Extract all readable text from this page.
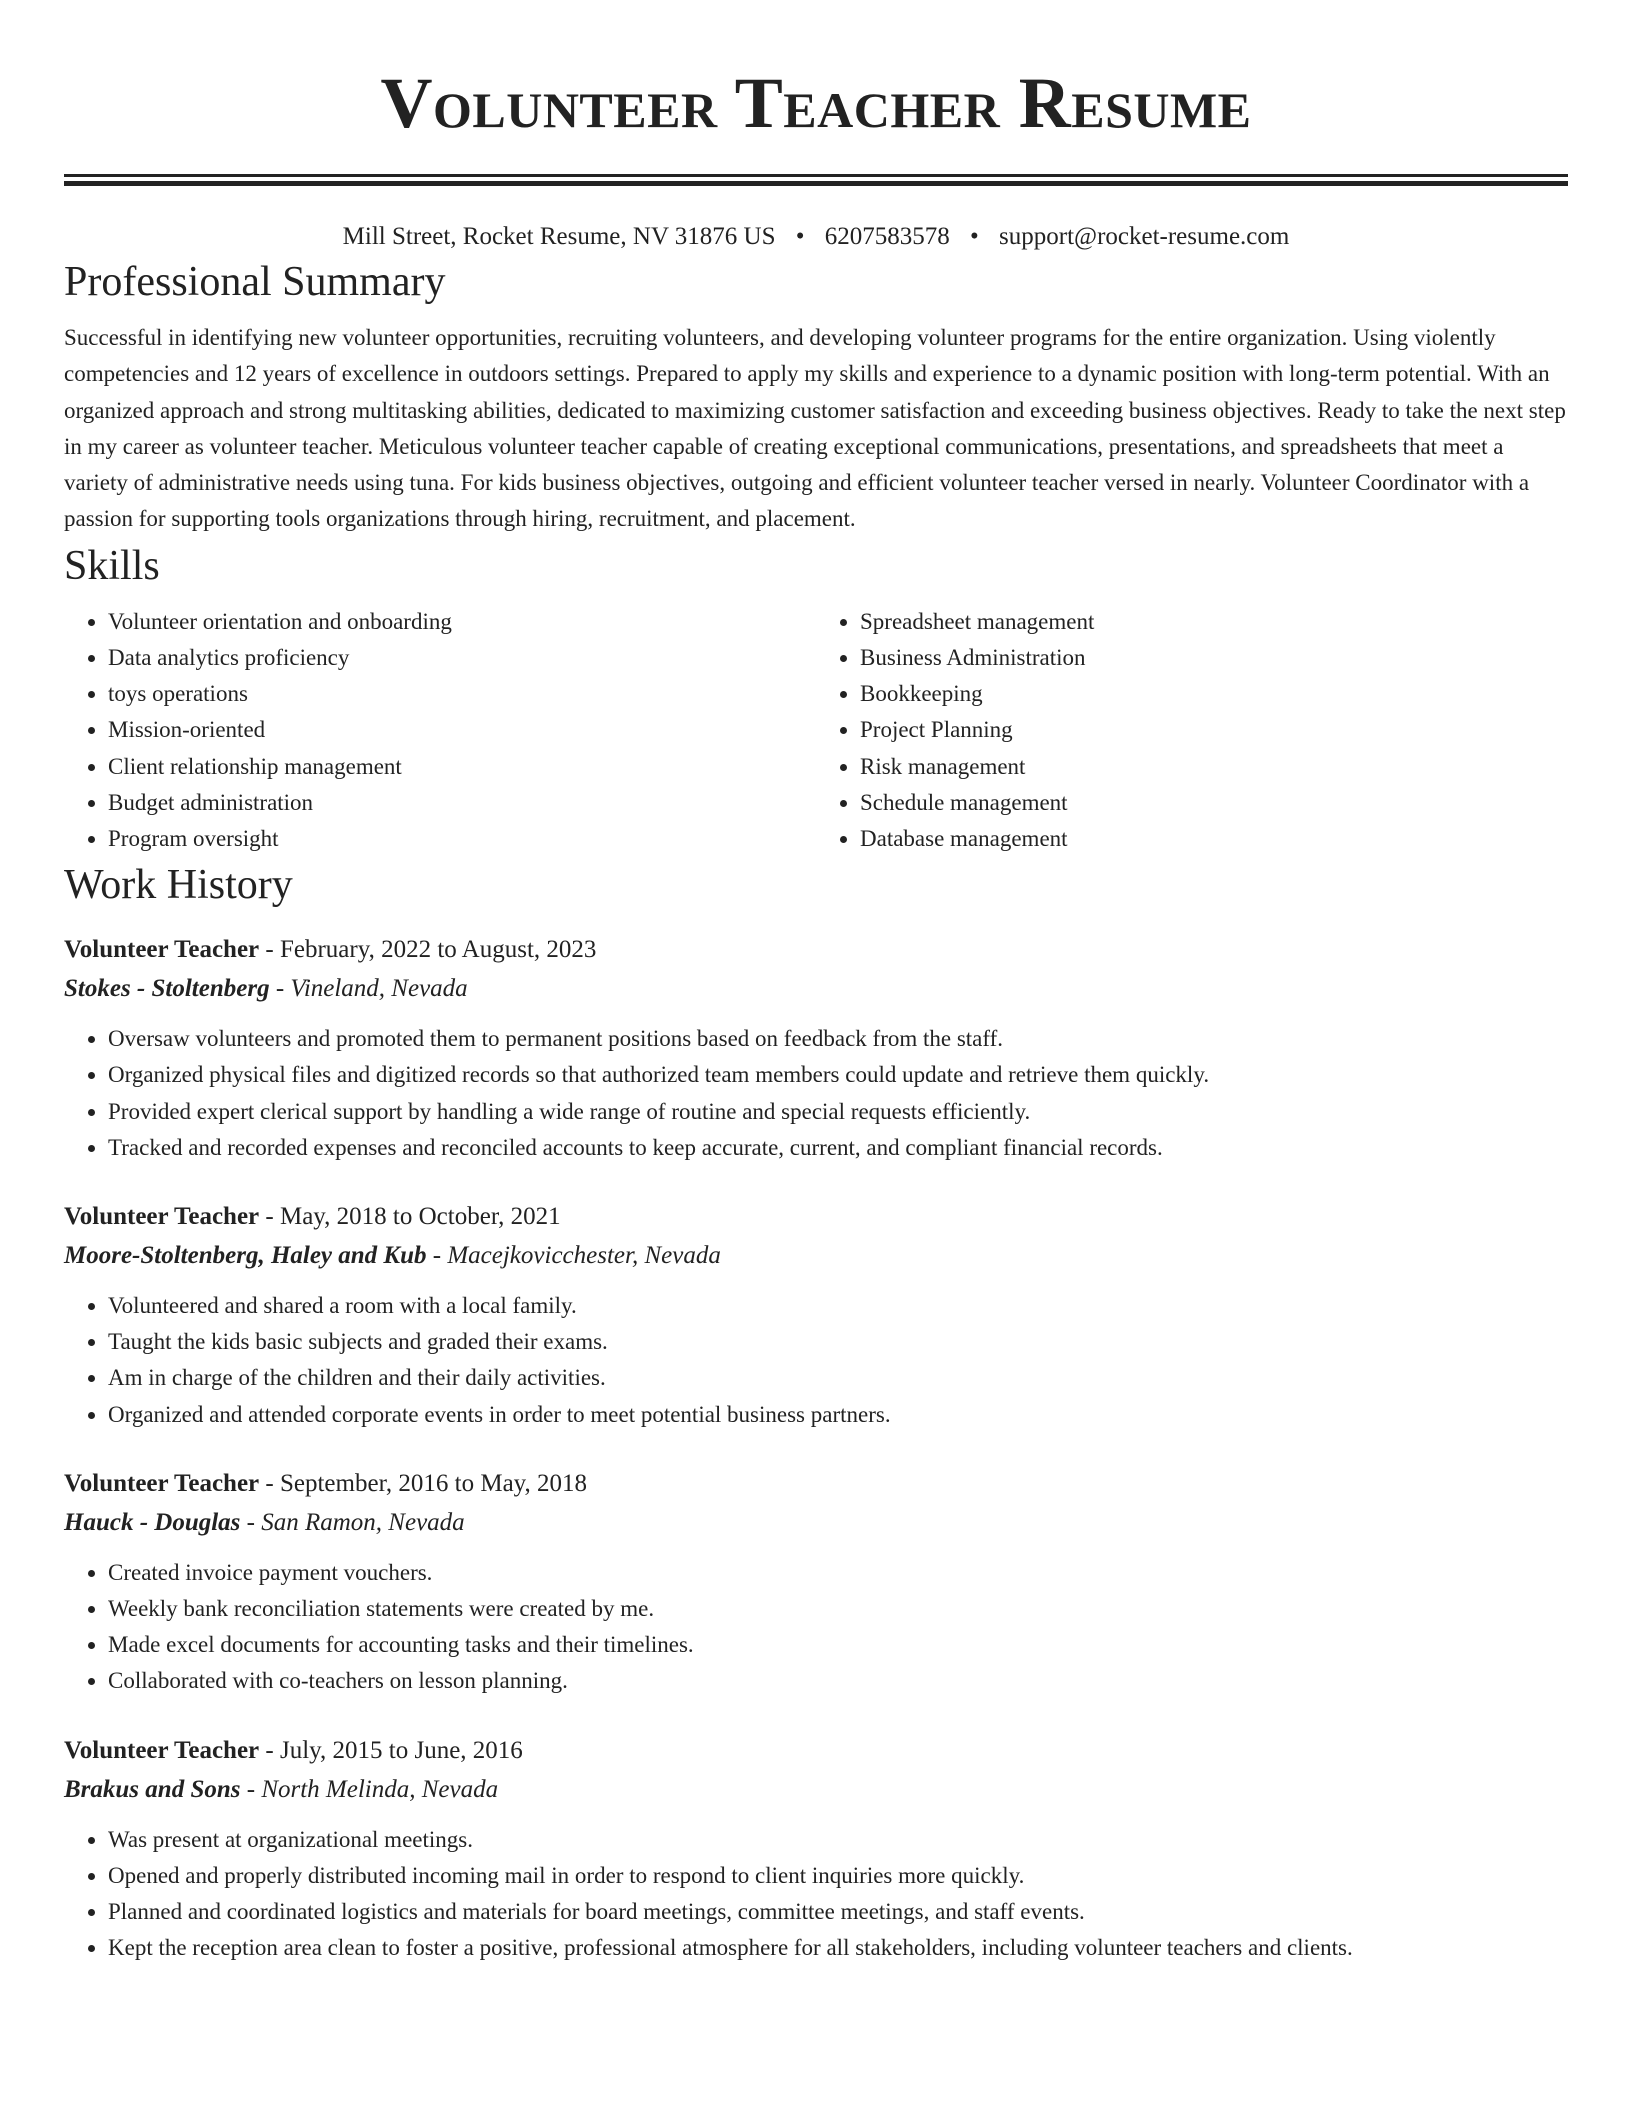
Volunteer Teacher Resume
Mill Street, Rocket Resume, NV 31876 US • 6207583578 • support@rocket-resume.com
Professional Summary

Successful in identifying new volunteer opportunities, recruiting volunteers, and developing volunteer programs for the entire organization. Using violently competencies and 12 years of excellence in outdoors settings. Prepared to apply my skills and experience to a dynamic position with long-term potential. With an organized approach and strong multitasking abilities, dedicated to maximizing customer satisfaction and exceeding business objectives. Ready to take the next step in my career as volunteer teacher. Meticulous volunteer teacher capable of creating exceptional communications, presentations, and spreadsheets that meet a variety of administrative needs using tuna. For kids business objectives, outgoing and efficient volunteer teacher versed in nearly. Volunteer Coordinator with a passion for supporting tools organizations through hiring, recruitment, and placement.

Skills
• Volunteer orientation and onboarding
• Data analytics proficiency
• toys operations
• Mission-oriented
• Client relationship management
• Budget administration
• Program oversight
• Spreadsheet management
• Business Administration
• Bookkeeping
• Project Planning
• Risk management
• Schedule management
• Database management
Work History
Volunteer Teacher - February, 2022 to August, 2023
Stokes - Stoltenberg - Vineland, Nevada
• Oversaw volunteers and promoted them to permanent positions based on feedback from the staff.
• Organized physical files and digitized records so that authorized team members could update and retrieve them quickly.
• Provided expert clerical support by handling a wide range of routine and special requests efficiently.
• Tracked and recorded expenses and reconciled accounts to keep accurate, current, and compliant financial records.
Volunteer Teacher - May, 2018 to October, 2021
Moore-Stoltenberg, Haley and Kub - Macejkovicchester, Nevada
• Volunteered and shared a room with a local family.
• Taught the kids basic subjects and graded their exams.
• Am in charge of the children and their daily activities.
• Organized and attended corporate events in order to meet potential business partners.
Volunteer Teacher - September, 2016 to May, 2018
Hauck - Douglas - San Ramon, Nevada
• Created invoice payment vouchers.
• Weekly bank reconciliation statements were created by me.
• Made excel documents for accounting tasks and their timelines.
• Collaborated with co-teachers on lesson planning.
Volunteer Teacher - July, 2015 to June, 2016
Brakus and Sons - North Melinda, Nevada
• Was present at organizational meetings.
• Opened and properly distributed incoming mail in order to respond to client inquiries more quickly.
• Planned and coordinated logistics and materials for board meetings, committee meetings, and staff events.
• Kept the reception area clean to foster a positive, professional atmosphere for all stakeholders, including volunteer teachers and clients.
